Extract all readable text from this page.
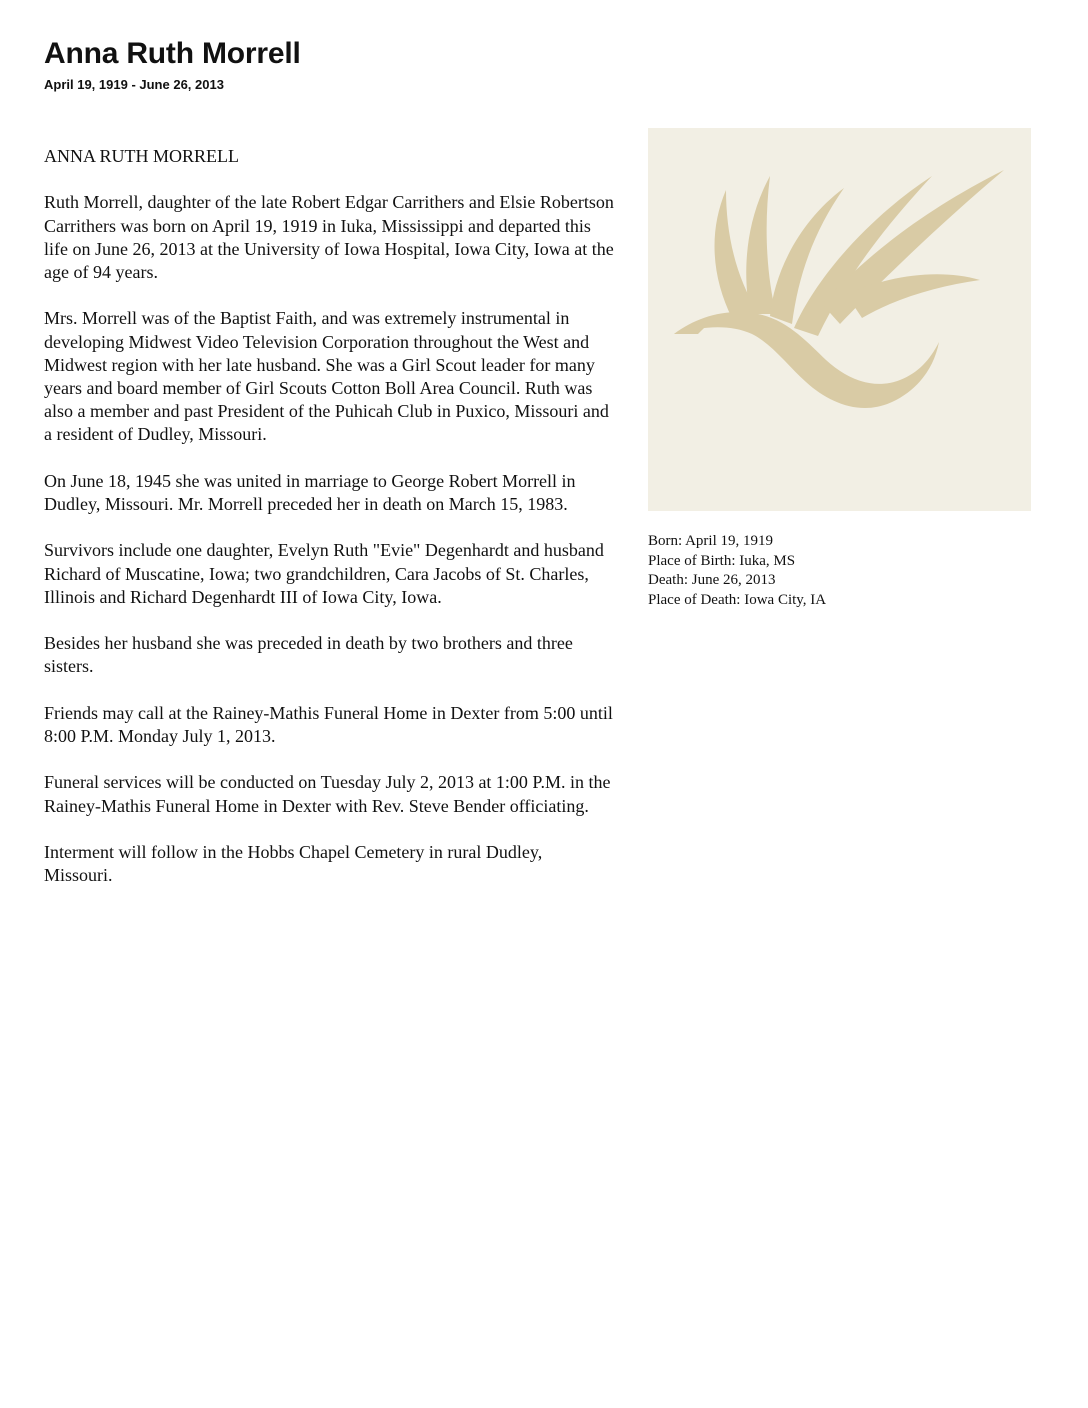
Anna Ruth Morrell
April 19, 1919 - June 26, 2013

ANNA RUTH MORRELL

Ruth Morrell, daughter of the late Robert Edgar Carrithers and Elsie Robertson Carrithers was born on April 19, 1919 in Iuka, Mississippi and departed this life on June 26, 2013 at the University of Iowa Hospital, Iowa City, Iowa at the age of 94 years.

Mrs. Morrell was of the Baptist Faith, and was extremely instrumental in developing Midwest Video Television Corporation throughout the West and Midwest region with her late husband. She was a Girl Scout leader for many years and board member of Girl Scouts Cotton Boll Area Council. Ruth was also a member and past President of the Puhicah Club in Puxico, Missouri and a resident of Dudley, Missouri.

On June 18, 1945 she was united in marriage to George Robert Morrell in Dudley, Missouri. Mr. Morrell preceded her in death on March 15, 1983.

Survivors include one daughter, Evelyn Ruth "Evie" Degenhardt and husband Richard of Muscatine, Iowa; two grandchildren, Cara Jacobs of St. Charles, Illinois and Richard Degenhardt III of Iowa City, Iowa.

Besides her husband she was preceded in death by two brothers and three sisters.

Friends may call at the Rainey-Mathis Funeral Home in Dexter from 5:00 until 8:00 P.M. Monday July 1, 2013.

Funeral services will be conducted on Tuesday July 2, 2013 at 1:00 P.M. in the Rainey-Mathis Funeral Home in Dexter with Rev. Steve Bender officiating.

Interment will follow in the Hobbs Chapel Cemetery in rural Dudley, Missouri.

Born: April 19, 1919
Place of Birth: Iuka, MS
Death: June 26, 2013
Place of Death: Iowa City, IA
